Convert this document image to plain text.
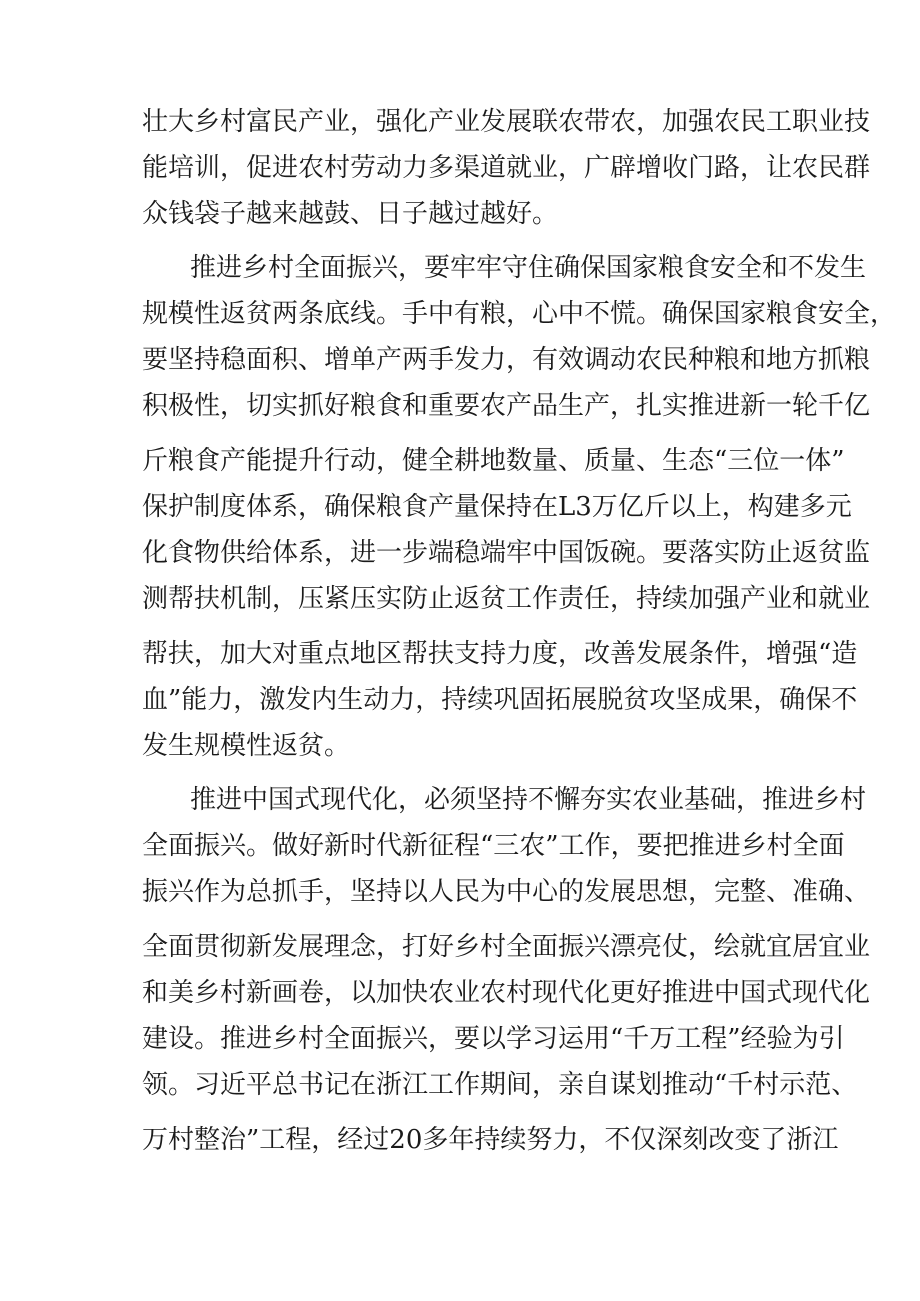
壮大乡村富民产业，强化产业发展联农带农，加强农民工职业技
能培训，促进农村劳动力多渠道就业，广辟增收门路，让农民群
众钱袋子越来越鼓、日子越过越好。
推进乡村全面振兴，要牢牢守住确保国家粮食安全和不发生
规模性返贫两条底线。手中有粮，心中不慌。确保国家粮食安全，
要坚持稳面积、增单产两手发力，有效调动农民种粮和地方抓粮
积极性，切实抓好粮食和重要农产品生产，扎实推进新一轮千亿
斤粮食产能提升行动，健全耕地数量、质量、生态“三位一体”
保护制度体系，确保粮食产量保持在L3万亿斤以上，构建多元
化食物供给体系，进一步端稳端牢中国饭碗。要落实防止返贫监
测帮扶机制，压紧压实防止返贫工作责任，持续加强产业和就业
帮扶，加大对重点地区帮扶支持力度，改善发展条件，增强“造
血”能力，激发内生动力，持续巩固拓展脱贫攻坚成果，确保不
发生规模性返贫。
推进中国式现代化，必须坚持不懈夯实农业基础，推进乡村
全面振兴。做好新时代新征程“三农”工作，要把推进乡村全面
振兴作为总抓手，坚持以人民为中心的发展思想，完整、准确、
全面贯彻新发展理念，打好乡村全面振兴漂亮仗，绘就宜居宜业
和美乡村新画卷，以加快农业农村现代化更好推进中国式现代化
建设。推进乡村全面振兴，要以学习运用“千万工程”经验为引
领。习近平总书记在浙江工作期间，亲自谋划推动“千村示范、
万村整治”工程，经过20多年持续努力，不仅深刻改变了浙江
